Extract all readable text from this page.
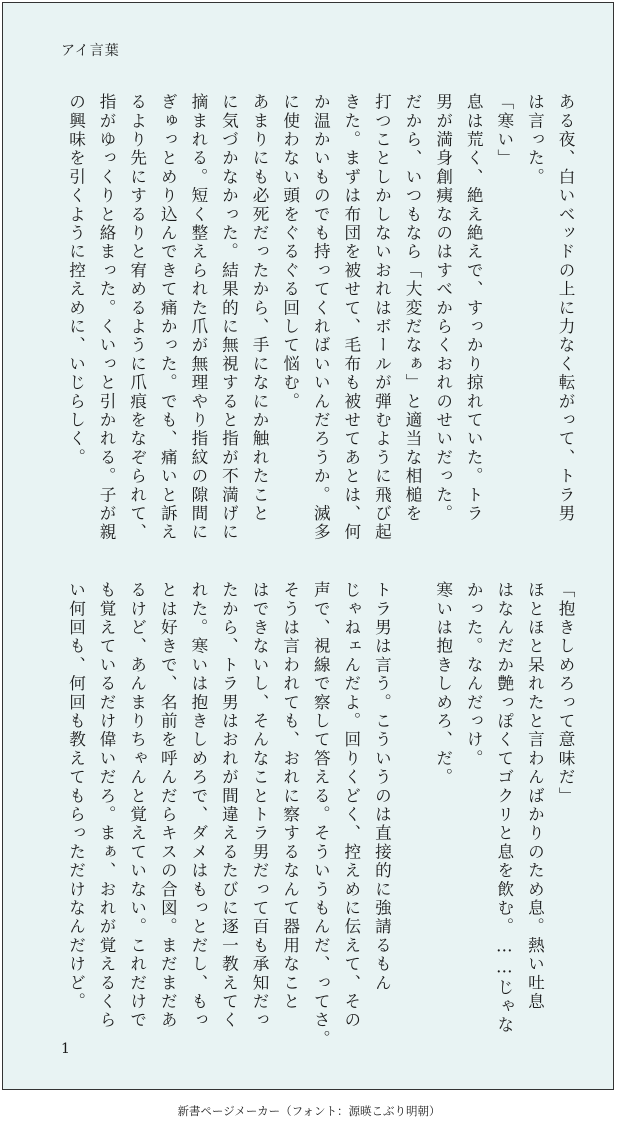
アイ言葉
ある夜、白いベッドの上に力なく転がって、トラ男
は言った。
「寒い」
息は荒く、絶え絶えで、すっかり掠れていた。トラ
男が満身創痍なのはすべからくおれのせいだった。
だから、いつもなら「大変だなぁ」と適当な相槌を
打つことしかしないおれはボールが弾むように飛び起
きた。まずは布団を被せて、毛布も被せてあとは、何
か温かいものでも持ってくればいいんだろうか。滅多
に使わない頭をぐるぐる回して悩む。
あまりにも必死だったから、手になにか触れたこと
に気づかなかった。結果的に無視すると指が不満げに
摘まれる。短く整えられた爪が無理やり指紋の隙間に
ぎゅっとめり込んできて痛かった。でも、痛いと訴え
るより先にするりと宥めるように爪痕をなぞられて、
指がゆっくりと絡まった。くいっと引かれる。子が親
の興味を引くように控えめに、いじらしく。
「抱きしめろって意味だ」
ほとほと呆れたと言わんばかりのため息。熱い吐息
はなんだか艶っぽくてゴクリと息を飲む。……じゃな
かった。なんだっけ。
寒いは抱きしめろ、だ。
トラ男は言う。こういうのは直接的に強請るもん
じゃねェんだよ。回りくどく、控えめに伝えて、その
声で、視線で察して答える。そういうもんだ、ってさ。
そうは言われても、おれに察するなんて器用なこと
はできないし、そんなことトラ男だって百も承知だっ
たから、トラ男はおれが間違えるたびに逐一教えてく
れた。寒いは抱きしめろで、ダメはもっとだし、もっ
とは好きで、名前を呼んだらキスの合図。まだまだあ
るけど、あんまりちゃんと覚えていない。これだけで
も覚えているだけ偉いだろ。まぁ、おれが覚えるくら
い何回も、何回も教えてもらっただけなんだけど。
1
新書ページメーカー（フォント：源暎こぶり明朝）
